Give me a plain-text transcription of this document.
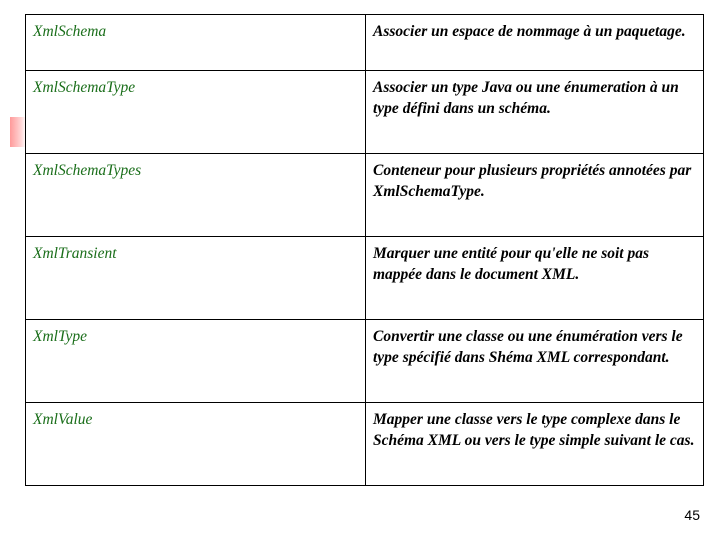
XmlSchema	Associer un espace de nommage à un paquetage.
XmlSchemaType	Associer un type Java ou une énumeration à un type défini dans un schéma.
XmlSchemaTypes	Conteneur pour plusieurs propriétés annotées par XmlSchemaType.
XmlTransient	Marquer une entité pour qu'elle ne soit pas mappée dans le document XML.
XmlType	Convertir une classe ou une énumération vers le type spécifié dans Shéma XML correspondant.
XmlValue	Mapper une classe vers le type complexe dans le Schéma XML ou vers le type simple suivant le cas.
45
